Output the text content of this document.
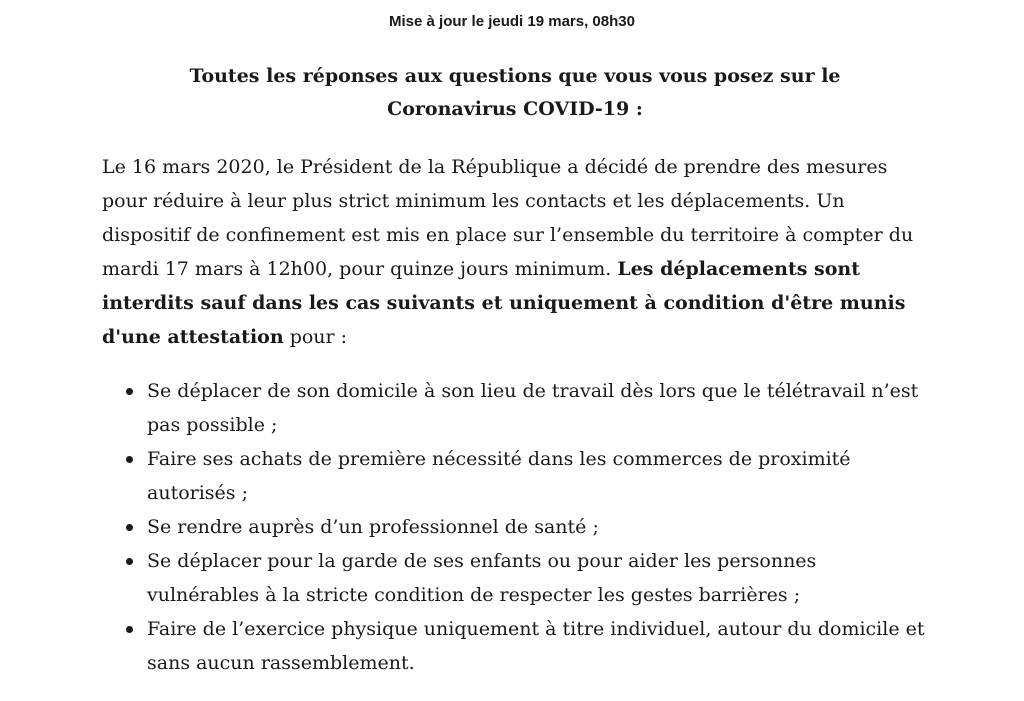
Mise à jour le jeudi 19 mars, 08h30
Toutes les réponses aux questions que vous vous posez sur le
Coronavirus COVID-19 :

Le 16 mars 2020, le Président de la République a décidé de prendre des mesures pour réduire à leur plus strict minimum les contacts et les déplacements. Un dispositif de confinement est mis en place sur l’ensemble du territoire à compter du mardi 17 mars à 12h00, pour quinze jours minimum. Les déplacements sont interdits sauf dans les cas suivants et uniquement à condition d'être munis d'une attestation pour :

Se déplacer de son domicile à son lieu de travail dès lors que le télétravail n’est pas possible ;
Faire ses achats de première nécessité dans les commerces de proximité autorisés ;
Se rendre auprès d’un professionnel de santé ;
Se déplacer pour la garde de ses enfants ou pour aider les personnes vulnérables à la stricte condition de respecter les gestes barrières ;
Faire de l’exercice physique uniquement à titre individuel, autour du domicile et sans aucun rassemblement.
